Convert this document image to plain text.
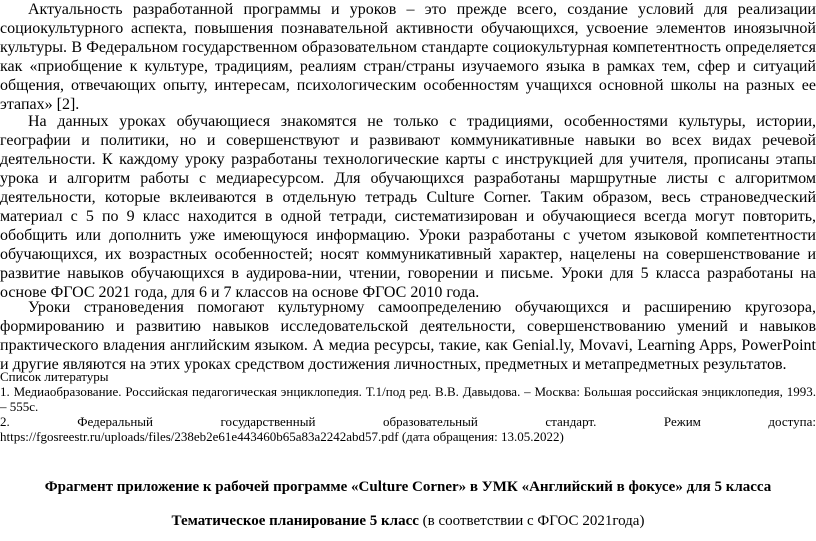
Актуальность разработанной программы и уроков – это прежде всего, создание условий для реализации социокультурного аспекта, повышения познавательной активности обучающихся, усвоение элементов иноязычной культуры. В Федеральном государственном образовательном стандарте социокультурная компетентность определяется как «приобщение к культуре, традициям, реалиям стран/страны изучаемого языка в рамках тем, сфер и ситуаций общения, отвечающих опыту, интересам, психологическим особенностям учащихся основной школы на разных ее этапах» [2].

На данных уроках обучающиеся знакомятся не только с традициями, особенностями культуры, истории, географии и политики, но и совершенствуют и развивают коммуникативные навыки во всех видах речевой деятельности. К каждому уроку разработаны технологические карты с инструкцией для учителя, прописаны этапы урока и алгоритм работы с медиаресурсом. Для обучающихся разработаны маршрутные листы с алгоритмом деятельности, которые вклеиваются в отдельную тетрадь Culture Corner. Таким образом, весь страноведческий материал с 5 по 9 класс находится в одной тетради, систематизирован и обучающиеся всегда могут повторить, обобщить или дополнить уже имеющуюся информацию. Уроки разработаны с учетом языковой компетентности обучающихся, их возрастных особенностей; носят коммуникативный характер, нацелены на совершенствование и развитие навыков обучающихся в аудирова-нии, чтении, говорении и письме. Уроки для 5 класса разработаны на основе ФГОС 2021 года, для 6 и 7 классов на основе ФГОС 2010 года.

Уроки страноведения помогают культурному самоопределению обучающихся и расширению кругозора, формированию и развитию навыков исследовательской деятельности, совершенствованию умений и навыков практического владения английским языком. А медиа ресурсы, такие, как Genial.ly, Movavi, Learning Apps, PowerPoint и другие являются на этих уроках средством достижения личностных, предметных и метапредметных результатов.

Список литературы
1. Медиаобразование. Российская педагогическая энциклопедия. Т.1/под ред. В.В. Давыдова. – Москва: Большая российская энциклопедия, 1993. – 555с.
2. Федеральный государственный образовательный стандарт. Режим доступа: https://fgosreestr.ru/uploads/files/238eb2e61e443460b65a83a2242abd57.pdf (дата обращения: 13.05.2022)

Фрагмент приложение к рабочей программе «Culture Corner» в УМК «Английский в фокусе» для 5 класса

Тематическое планирование 5 класс (в соответствии с ФГОС 2021года)
